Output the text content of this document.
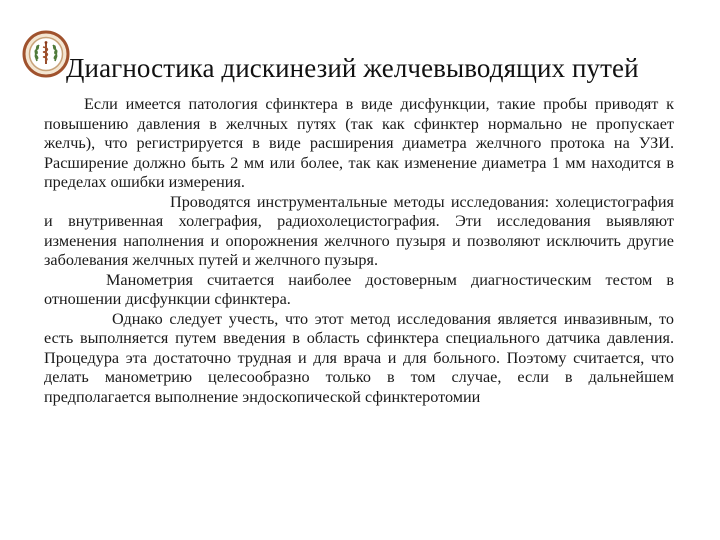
Диагностика дискинезий желчевыводящих путей

Если имеется патология сфинктера в виде дисфункции, такие пробы приводят к повышению давления в желчных путях (так как сфинктер нормально не пропускает желчь), что регистрируется в виде расширения диаметра желчного протока на УЗИ. Расширение должно быть 2 мм или более, так как изменение диаметра 1 мм находится в пределах ошибки измерения.

Проводятся инструментальные методы исследования: холецистография и внутривенная холеграфия, радиохолецистография. Эти исследования выявляют изменения наполнения и опорожнения желчного пузыря и позволяют исключить другие заболевания желчных путей и желчного пузыря.

Манометрия считается наиболее достоверным диагностическим тестом в отношении дисфункции сфинктера.

Однако следует учесть, что этот метод исследования является инвазивным, то есть выполняется путем введения в область сфинктера специального датчика давления. Процедура эта достаточно трудная и для врача и для больного. Поэтому считается, что делать манометрию целесообразно только в том случае, если в дальнейшем предполагается выполнение эндоскопической сфинктеротомии
